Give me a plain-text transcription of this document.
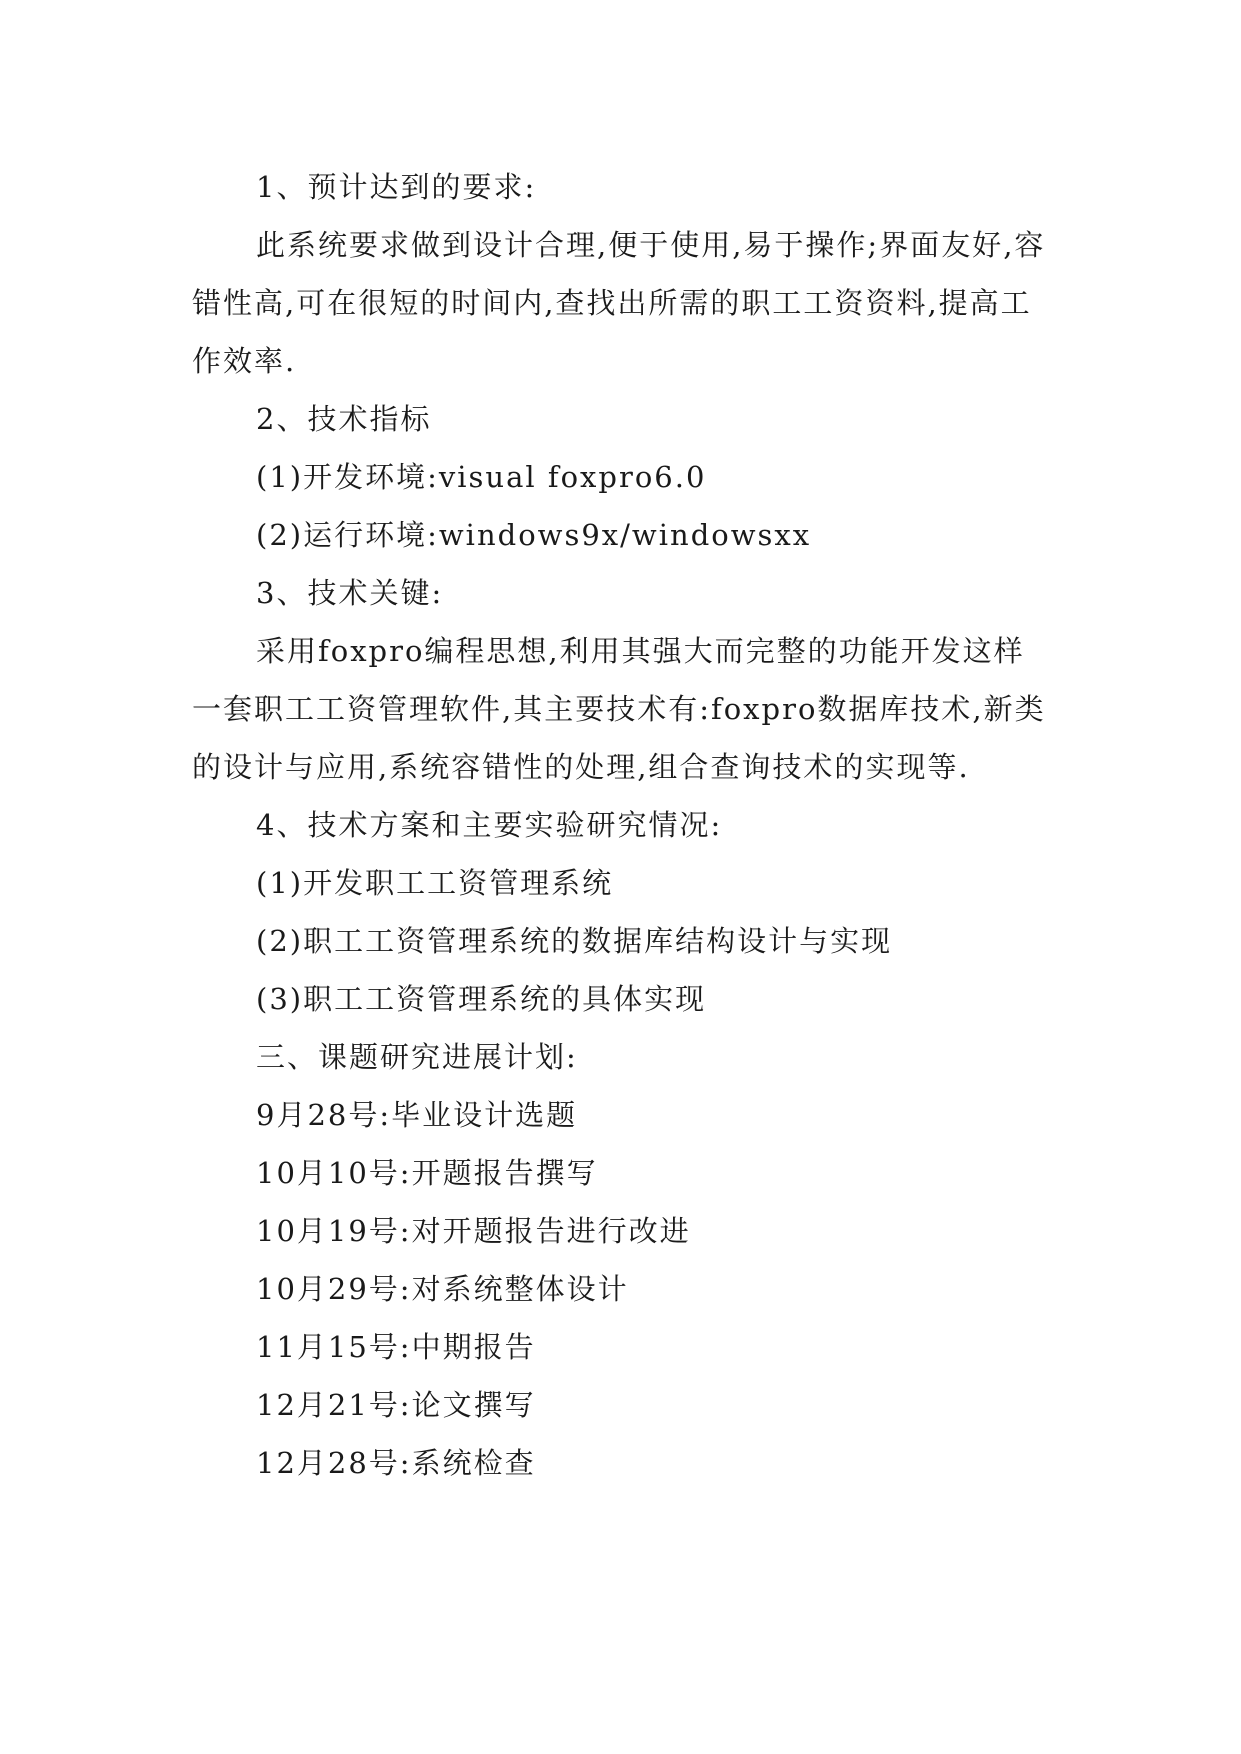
1、预计达到的要求:

此系统要求做到设计合理,便于使用,易于操作;界面友好,容错性高,可在很短的时间内,查找出所需的职工工资资料,提高工作效率.

2、技术指标

(1)开发环境:visual foxpro6.0

(2)运行环境:windows9x/windowsxx

3、技术关键:

采用foxpro编程思想,利用其强大而完整的功能开发这样一套职工工资管理软件,其主要技术有:foxpro数据库技术,新类的设计与应用,系统容错性的处理,组合查询技术的实现等.

4、技术方案和主要实验研究情况:

(1)开发职工工资管理系统

(2)职工工资管理系统的数据库结构设计与实现

(3)职工工资管理系统的具体实现

三、课题研究进展计划:

9月28号:毕业设计选题

10月10号:开题报告撰写

10月19号:对开题报告进行改进

10月29号:对系统整体设计

11月15号:中期报告

12月21号:论文撰写

12月28号:系统检查
